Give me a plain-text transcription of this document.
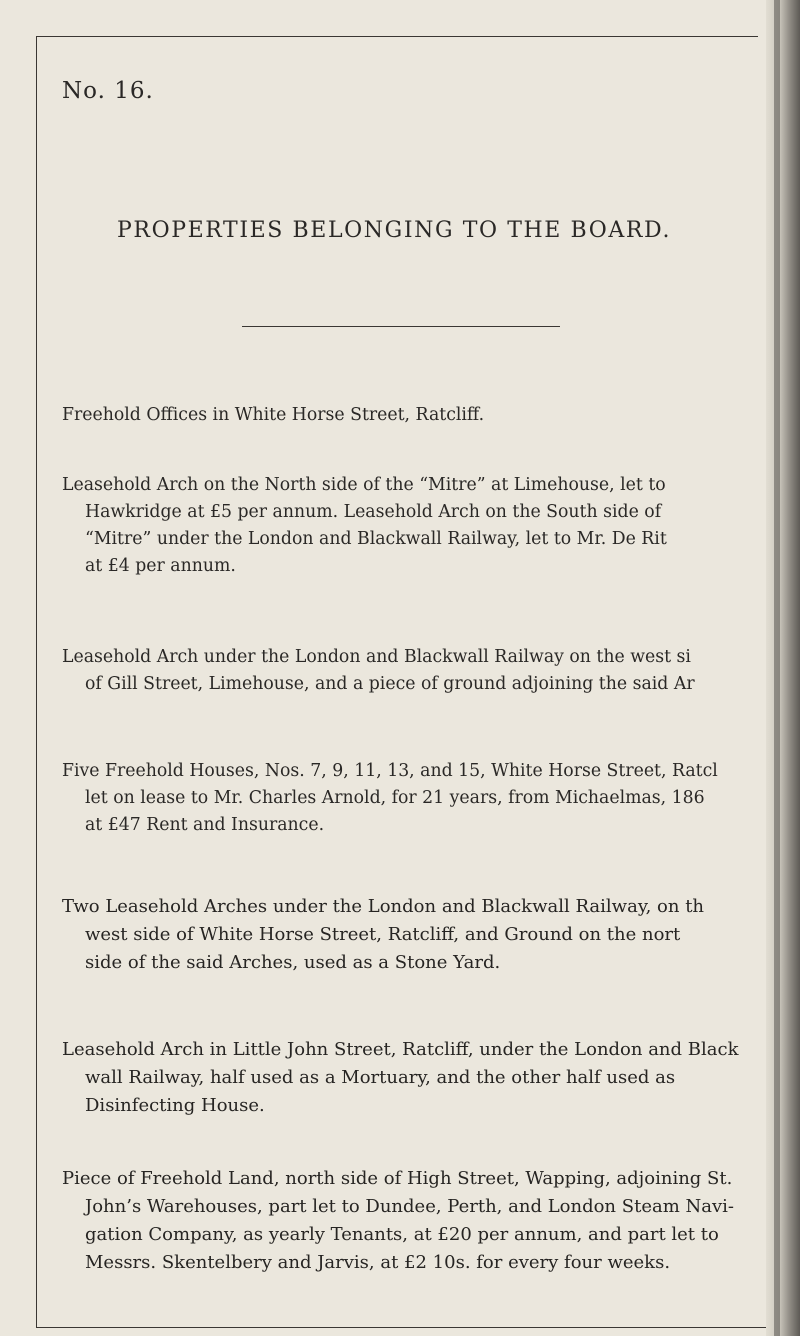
No. 16.
PROPERTIES BELONGING TO THE BOARD.
Freehold Offices in White Horse Street, Ratcliff.
Leasehold Arch on the North side of the “Mitre” at Limehouse, let to
Hawkridge at £5 per annum. Leasehold Arch on the South side of
“Mitre” under the London and Blackwall Railway, let to Mr. De Rit
at £4 per annum.
Leasehold Arch under the London and Blackwall Railway on the west si
of Gill Street, Limehouse, and a piece of ground adjoining the said Ar
Five Freehold Houses, Nos. 7, 9, 11, 13, and 15, White Horse Street, Ratcl
let on lease to Mr. Charles Arnold, for 21 years, from Michaelmas, 186
at £47 Rent and Insurance.
Two Leasehold Arches under the London and Blackwall Railway, on th
west side of White Horse Street, Ratcliff, and Ground on the nort
side of the said Arches, used as a Stone Yard.
Leasehold Arch in Little John Street, Ratcliff, under the London and Black
wall Railway, half used as a Mortuary, and the other half used as
Disinfecting House.
Piece of Freehold Land, north side of High Street, Wapping, adjoining St.
John’s Warehouses, part let to Dundee, Perth, and London Steam Navi-
gation Company, as yearly Tenants, at £20 per annum, and part let to
Messrs. Skentelbery and Jarvis, at £2 10s. for every four weeks.
